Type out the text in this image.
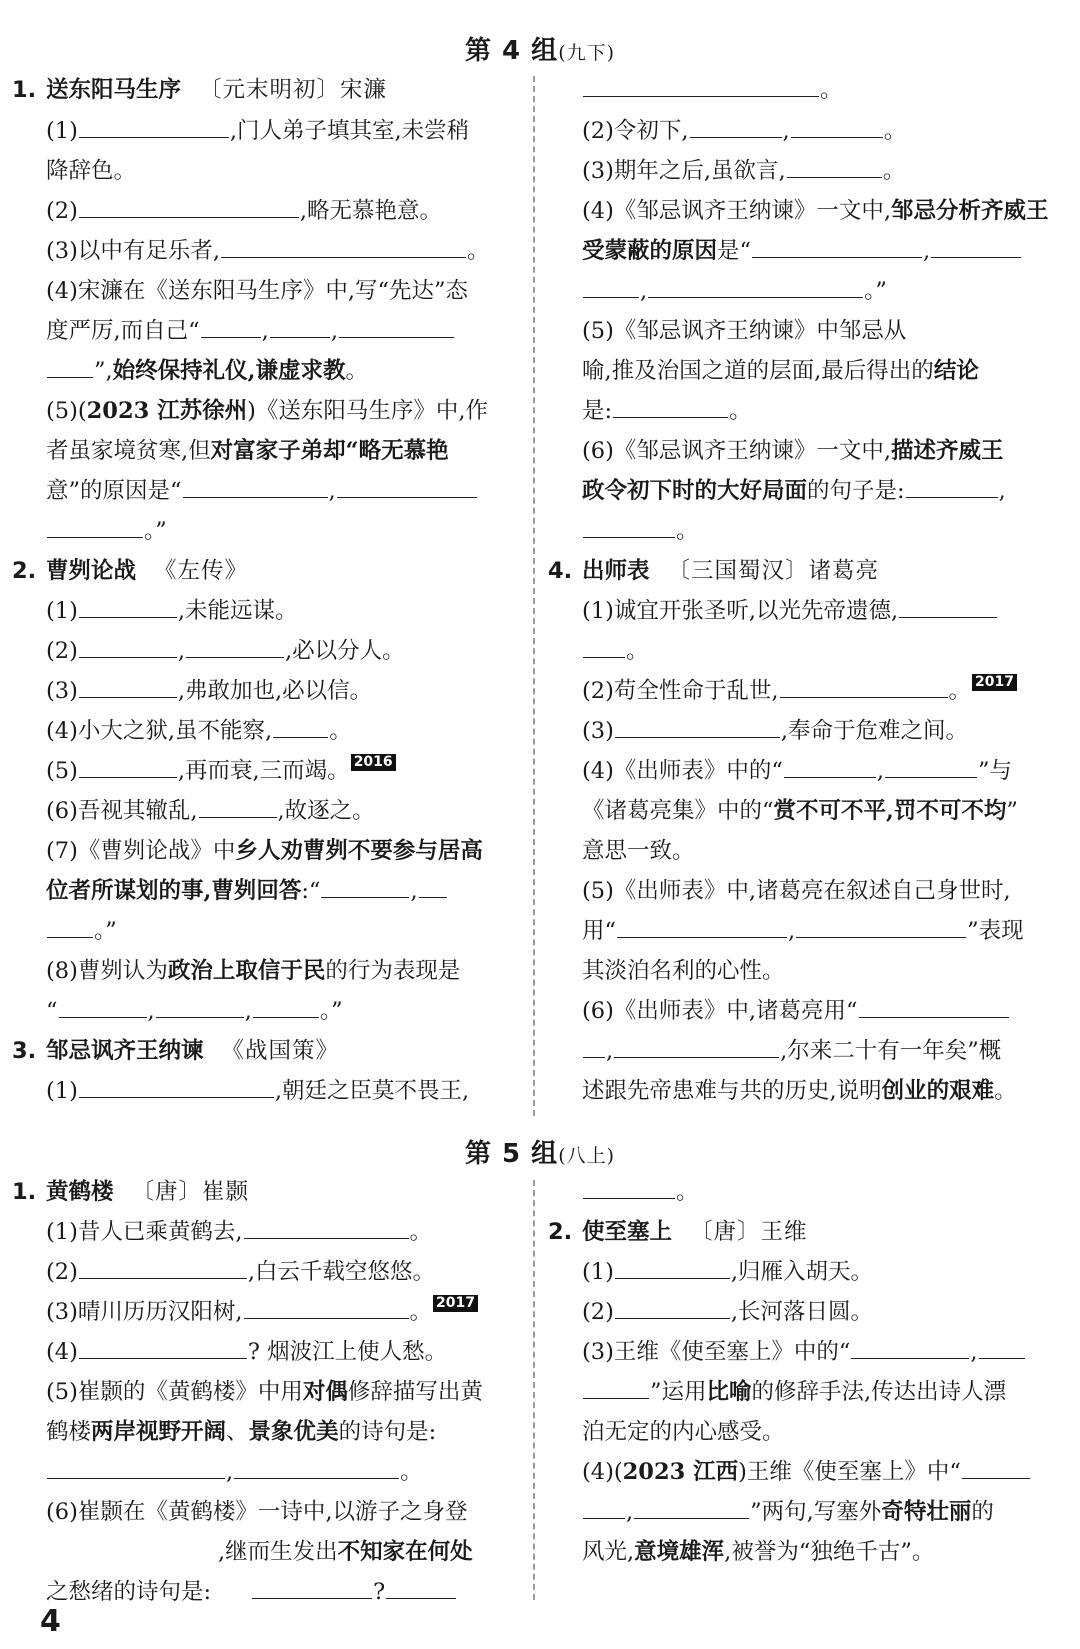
第 4 组(九下)
1. 送东阳马生序 〔元末明初〕宋濂
(1)	,门人弟子填其室,未尝稍
降辞色。
(2)	,略无慕艳意。
(3)以中有足乐者,	。
(4)宋濂在《送东阳马生序》中,写“先达”态
度严厉,而自己“	,	,
”,始终保持礼仪,谦虚求教。
(5)(2023 江苏徐州)《送东阳马生序》中,作
者虽家境贫寒,但对富家子弟却“略无慕艳
意”的原因是“	,
。”
2. 曹刿论战 《左传》
(1)	,未能远谋。
(2)	,	,必以分人。
(3)	,弗敢加也,必以信。
(4)小大之狱,虽不能察,	。
(5)	,再而衰,三而竭。 2016
(6)吾视其辙乱,	,故逐之。
(7)《曹刿论战》中乡人劝曹刿不要参与居高
位者所谋划的事,曹刿回答:“	,
。”
(8)曹刿认为政治上取信于民的行为表现是
“	,	,	。”
3. 邹忌讽齐王纳谏 《战国策》
(1)	,朝廷之臣莫不畏王,
。
(2)令初下,	,	。
(3)期年之后,虽欲言,	。
(4)《邹忌讽齐王纳谏》一文中,邹忌分析齐威王
受蒙蔽的原因是“	,
,	。”
(5)《邹忌讽齐王纳谏》中邹忌从
喻,推及治国之道的层面,最后得出的结论
是:	。
(6)《邹忌讽齐王纳谏》一文中,描述齐威王
政令初下时的大好局面的句子是:	,
。
4. 出师表 〔三国蜀汉〕诸葛亮
(1)诚宜开张圣听,以光先帝遗德,
。
(2)苟全性命于乱世,	。 2017
(3)	,奉命于危难之间。
(4)《出师表》中的“	,	”与
《诸葛亮集》中的“赏不可不平,罚不可不均”
意思一致。
(5)《出师表》中,诸葛亮在叙述自己身世时,
用“	,	”表现
其淡泊名利的心性。
(6)《出师表》中,诸葛亮用“
,	,尔来二十有一年矣”概
述跟先帝患难与共的历史,说明创业的艰难。
第 5 组(八上)
1. 黄鹤楼 〔唐〕崔颢
(1)昔人已乘黄鹤去,	。
(2)	,白云千载空悠悠。
(3)晴川历历汉阳树,	。 2017
(4)	? 烟波江上使人愁。
(5)崔颢的《黄鹤楼》中用对偶修辞描写出黄
鹤楼两岸视野开阔、景象优美的诗句是:
,	。
(6)崔颢在《黄鹤楼》一诗中,以游子之身登
,继而生发出不知家在何处
之愁绪的诗句是:	?
。
2. 使至塞上 〔唐〕王维
(1)	,归雁入胡天。
(2)	,长河落日圆。
(3)王维《使至塞上》中的“	,
”运用比喻的修辞手法,传达出诗人漂
泊无定的内心感受。
(4)(2023 江西)王维《使至塞上》中“
,	”两句,写塞外奇特壮丽的
风光,意境雄浑,被誉为“独绝千古”。
4
